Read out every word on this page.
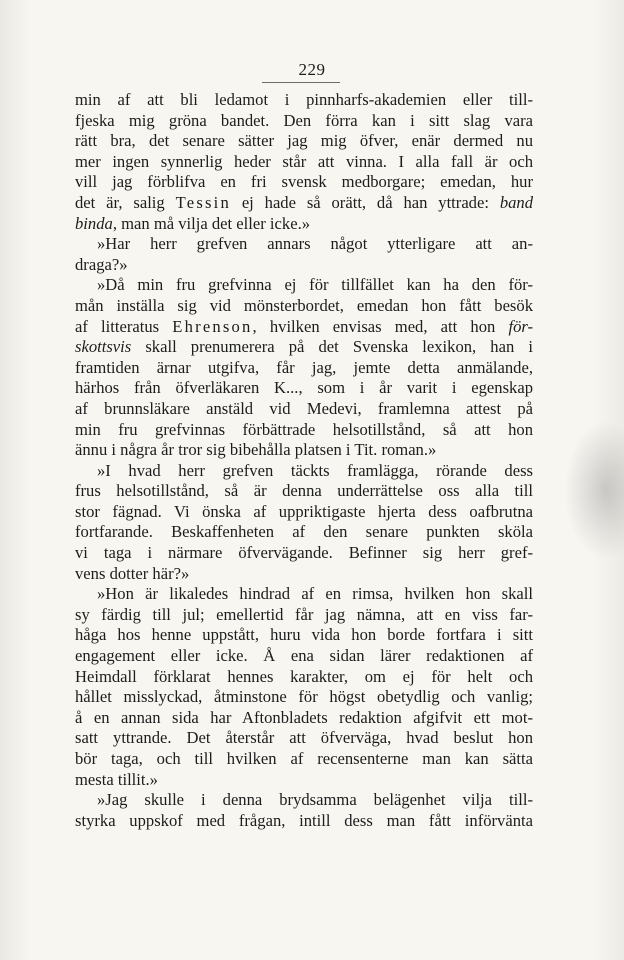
229
min af att bli ledamot i pinnharfs-akademien eller till-
fjeska mig gröna bandet. Den förra kan i sitt slag vara
rätt bra, det senare sätter jag mig öfver, enär dermed nu
mer ingen synnerlig heder står att vinna. I alla fall är och
vill jag förblifva en fri svensk medborgare; emedan, hur
det är, salig Tessin ej hade så orätt, då han yttrade: band
binda, man må vilja det eller icke.»
»Har herr grefven annars något ytterligare att an-
draga?»
»Då min fru grefvinna ej för tillfället kan ha den för-
mån inställa sig vid mönsterbordet, emedan hon fått besök
af litteratus Ehrenson, hvilken envisas med, att hon för-
skottsvis skall prenumerera på det Svenska lexikon, han i
framtiden ärnar utgifva, får jag, jemte detta anmälande,
härhos från öfverläkaren K..., som i år varit i egenskap
af brunnsläkare anstäld vid Medevi, framlemna attest på
min fru grefvinnas förbättrade helsotillstånd, så att hon
ännu i några år tror sig bibehålla platsen i Tit. roman.»
»I hvad herr grefven täckts framlägga, rörande dess
frus helsotillstånd, så är denna underrättelse oss alla till
stor fägnad. Vi önska af uppriktigaste hjerta dess oafbrutna
fortfarande. Beskaffenheten af den senare punkten sköla
vi taga i närmare öfvervägande. Befinner sig herr gref-
vens dotter här?»
»Hon är likaledes hindrad af en rimsa, hvilken hon skall
sy färdig till jul; emellertid får jag nämna, att en viss far-
håga hos henne uppstått, huru vida hon borde fortfara i sitt
engagement eller icke. Å ena sidan lärer redaktionen af
Heimdall förklarat hennes karakter, om ej för helt och
hållet misslyckad, åtminstone för högst obetydlig och vanlig;
å en annan sida har Aftonbladets redaktion afgifvit ett mot-
satt yttrande. Det återstår att öfverväga, hvad beslut hon
bör taga, och till hvilken af recensenterne man kan sätta
mesta tillit.»
»Jag skulle i denna brydsamma belägenhet vilja till-
styrka uppskof med frågan, intill dess man fått införvänta
